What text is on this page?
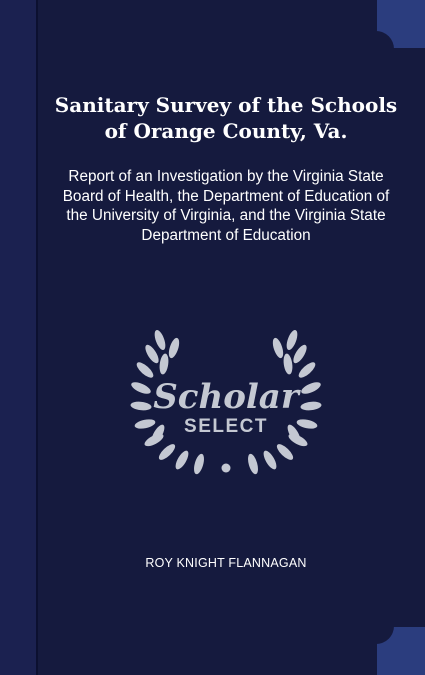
Sanitary Survey of the Schools of Orange County, Va.

Report of an Investigation by the Virginia State Board of Health, the Department of Education of the University of Virginia, and the Virginia State Department of Education

Scholar
SELECT

ROY KNIGHT FLANNAGAN
